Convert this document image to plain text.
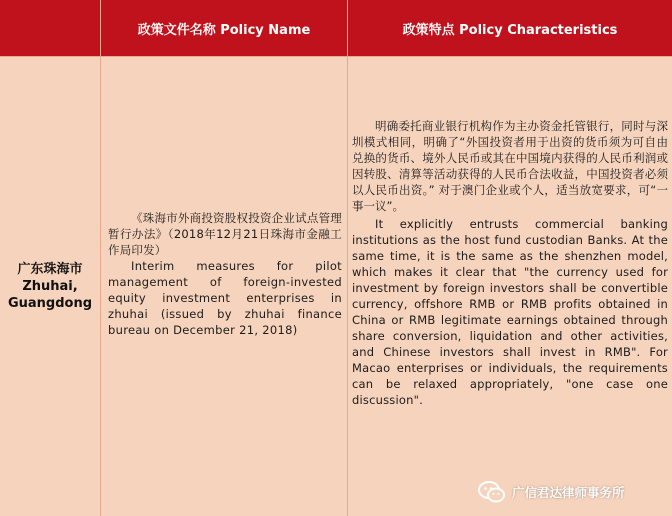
政策文件名称 Policy Name	政策特点 Policy Characteristics
广东珠海市
Zhuhai,
Guangdong

《珠海市外商投资股权投资企业试点管理暂行办法》（2018年12月21日珠海市金融工作局印发）

Interim measures for pilot management of foreign-invested equity investment enterprises in zhuhai (issued by zhuhai finance bureau on December 21, 2018)

明确委托商业银行机构作为主办资金托管银行，同时与深圳模式相同，明确了“外国投资者用于出资的货币须为可自由兑换的货币、境外人民币或其在中国境内获得的人民币利润或因转股、清算等活动获得的人民币合法收益，中国投资者必须以人民币出资。” 对于澳门企业或个人，适当放宽要求，可“一事一议”。

It explicitly entrusts commercial banking institutions as the host fund custodian Banks. At the same time, it is the same as the shenzhen model, which makes it clear that "the currency used for investment by foreign investors shall be convertible currency, offshore RMB or RMB profits obtained in China or RMB legitimate earnings obtained through share conversion, liquidation and other activities, and Chinese investors shall invest in RMB". For Macao enterprises or individuals, the requirements can be relaxed appropriately, "one case one discussion".

广信君达律师事务所
